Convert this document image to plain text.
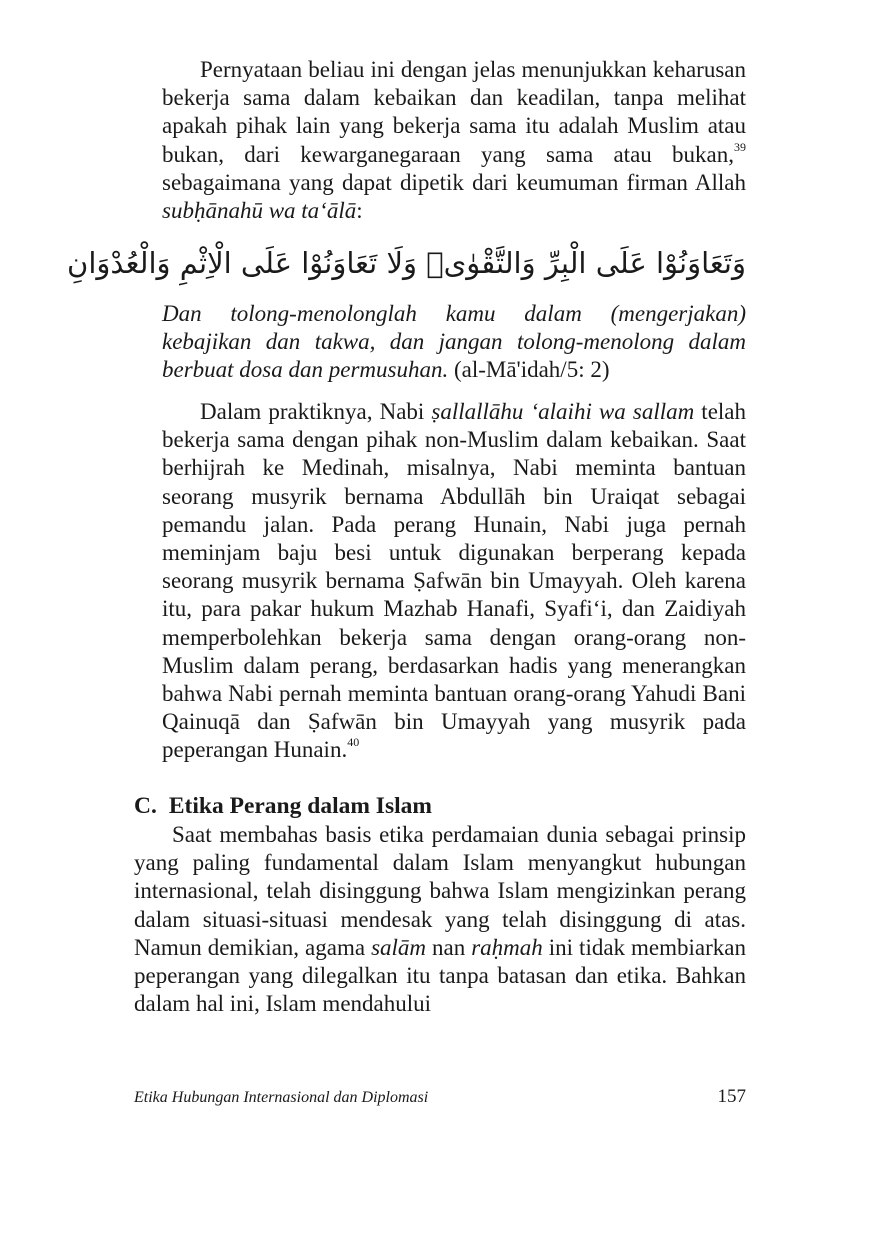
Pernyataan beliau ini dengan jelas menunjukkan keharusan bekerja sama dalam kebaikan dan keadilan, tanpa melihat apakah pihak lain yang bekerja sama itu adalah Muslim atau bukan, dari kewarganegaraan yang sama atau bukan,$^{39}$ sebagaimana yang dapat dipetik dari keumuman firman Allah subḥānahū wa taʻālā:

وَتَعَاوَنُوْا عَلَى الْبِرِّ وَالتَّقْوٰىۖ وَلَا تَعَاوَنُوْا عَلَى الْاِثْمِ وَالْعُدْوَانِ

Dan tolong-menolonglah kamu dalam (mengerjakan) kebajikan dan takwa, dan jangan tolong-menolong dalam berbuat dosa dan permusuhan. (al-Mā'idah/5: 2)

Dalam praktiknya, Nabi ṣallallāhu ‘alaihi wa sallam telah bekerja sama dengan pihak non-Muslim dalam kebaikan. Saat berhijrah ke Medinah, misalnya, Nabi meminta bantuan seorang musyrik bernama Abdullāh bin Uraiqat sebagai pemandu jalan. Pada perang Hunain, Nabi juga pernah meminjam baju besi untuk digunakan berperang kepada seorang musyrik bernama Ṣafwān bin Umayyah. Oleh karena itu, para pakar hukum Mazhab Hanafi, Syafi‘i, dan Zaidiyah memperbolehkan bekerja sama dengan orang-orang non-Muslim dalam perang, berdasarkan hadis yang menerangkan bahwa Nabi pernah meminta bantuan orang-orang Yahudi Bani Qainuqā dan Ṣafwān bin Umayyah yang musyrik pada peperangan Hunain.$^{40}$

C. Etika Perang dalam Islam

Saat membahas basis etika perdamaian dunia sebagai prinsip yang paling fundamental dalam Islam menyangkut hubungan internasional, telah disinggung bahwa Islam mengizinkan perang dalam situasi-situasi mendesak yang telah disinggung di atas. Namun demikian, agama salām nan raḥmah ini tidak membiarkan peperangan yang dilegalkan itu tanpa batasan dan etika. Bahkan dalam hal ini, Islam mendahului

Etika Hubungan Internasional dan Diplomasi	157
